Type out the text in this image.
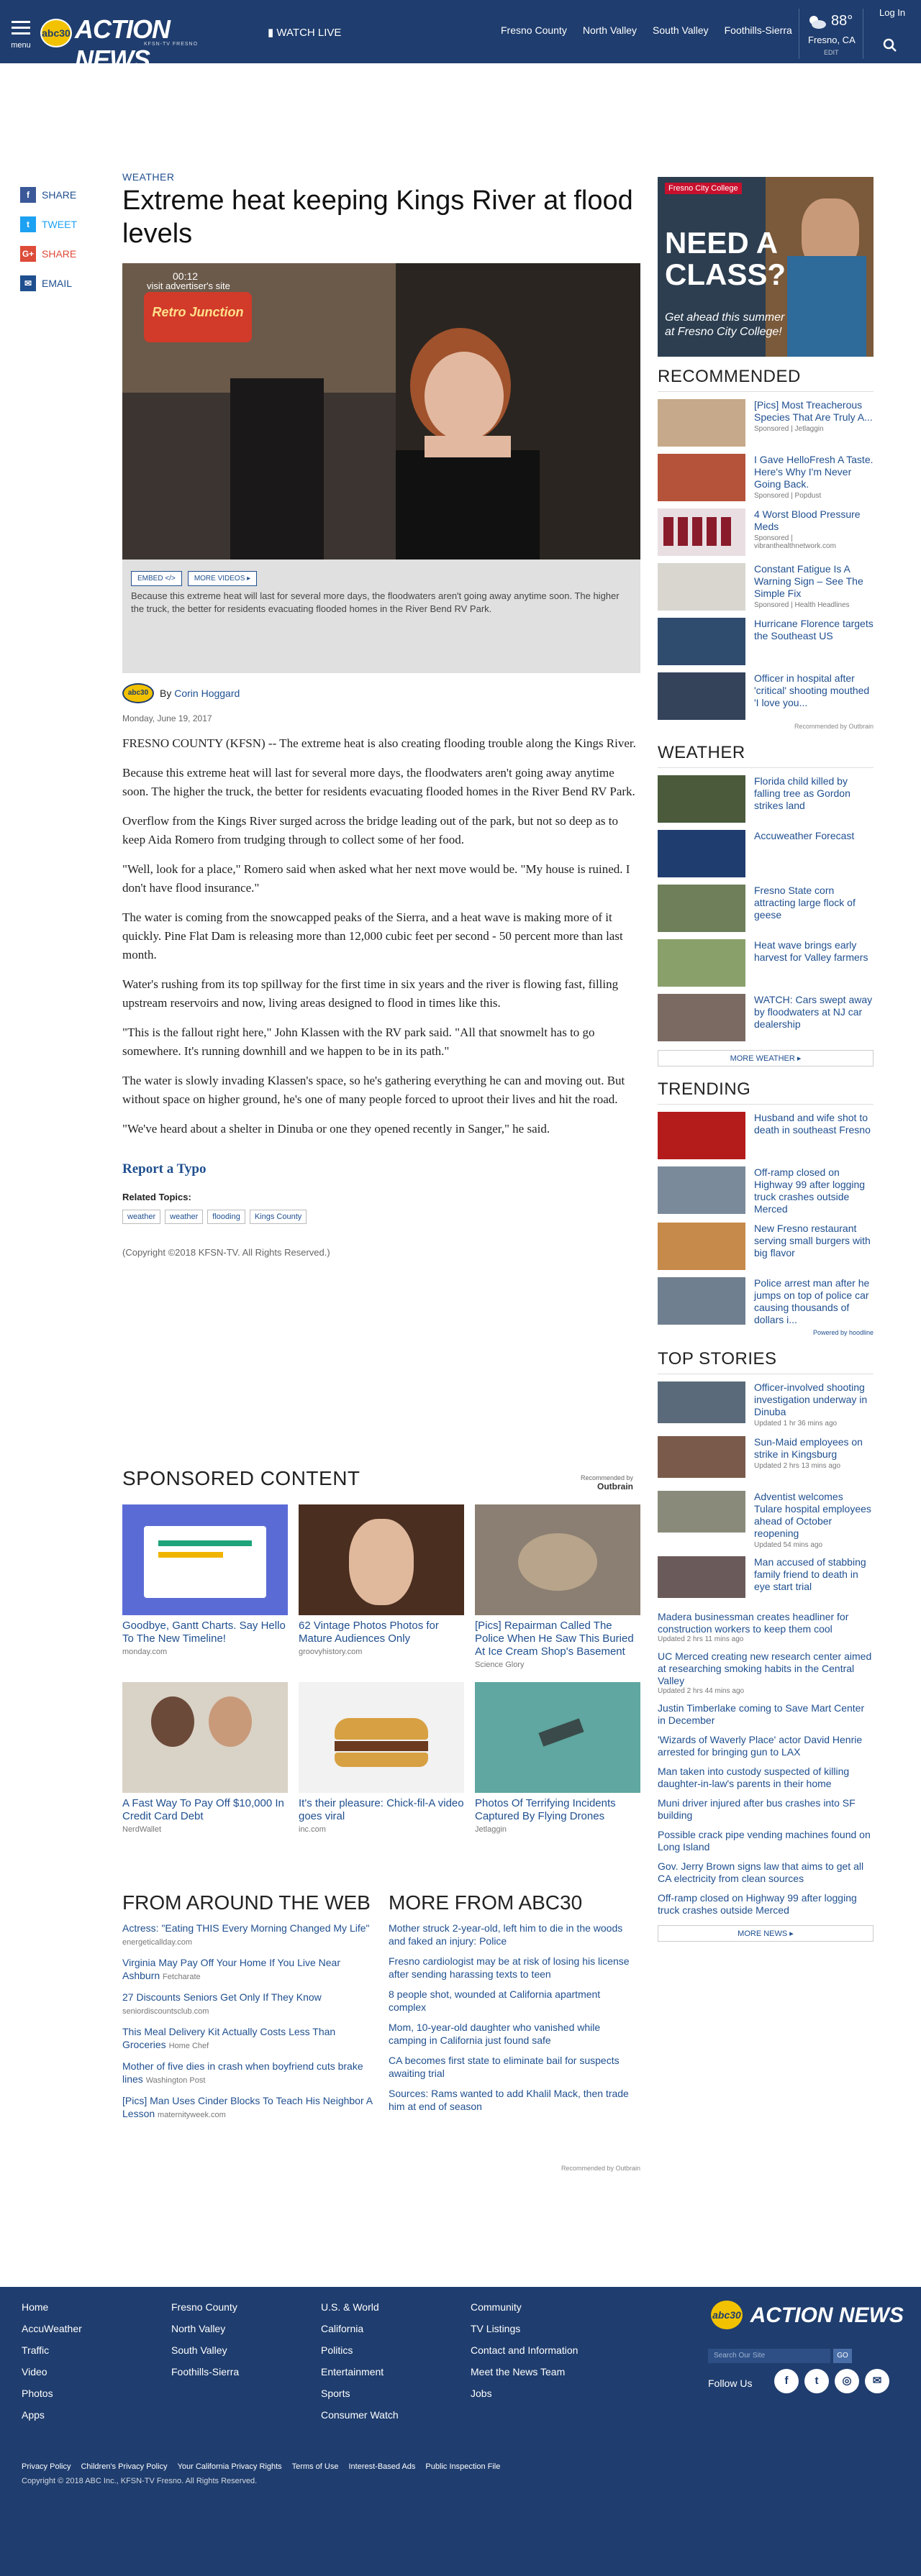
menu
abc30 ACTION NEWS
KFSN-TV FRESNO
▮ WATCH LIVE	Fresno County North Valley South Valley Foothills-Sierra
88°
Fresno, CA
EDIT
Log In
f	SHARE
t	TWEET
G+ SHARE
✉ EMAIL
WEATHER
Extreme heat keeping Kings River at flood levels
00:12
visit advertiser's site
Retro Junction
EMBED </>	MORE VIDEOS ▸
Because this extreme heat will last for several more days, the floodwaters aren't going away anytime soon. The higher the truck, the better for residents evacuating flooded homes in the River Bend RV Park.
abc30	By
Corin Hoggard
Monday, June 19, 2017

FRESNO COUNTY (KFSN) -- The extreme heat is also creating flooding trouble along the Kings River.

Because this extreme heat will last for several more days, the floodwaters aren't going away anytime soon. The higher the truck, the better for residents evacuating flooded homes in the River Bend RV Park.

Overflow from the Kings River surged across the bridge leading out of the park, but not so deep as to keep Aida Romero from trudging through to collect some of her food.

"Well, look for a place," Romero said when asked what her next move would be. "My house is ruined. I don't have flood insurance."

The water is coming from the snowcapped peaks of the Sierra, and a heat wave is making more of it quickly. Pine Flat Dam is releasing more than 12,000 cubic feet per second - 50 percent more than last month.

Water's rushing from its top spillway for the first time in six years and the river is flowing fast, filling upstream reservoirs and now, living areas designed to flood in times like this.

"This is the fallout right here," John Klassen with the RV park said. "All that snowmelt has to go somewhere. It's running downhill and we happen to be in its path."

The water is slowly invading Klassen's space, so he's gathering everything he can and moving out. But without space on higher ground, he's one of many people forced to uproot their lives and hit the road.

"We've heard about a shelter in Dinuba or one they opened recently in Sanger," he said.

Report a Typo
Related Topics:
weather	weather	flooding	Kings County
(Copyright ©2018 KFSN-TV. All Rights Reserved.)
SPONSORED CONTENT	Recommended by
Outbrain
Goodbye, Gantt Charts. Say Hello To The New Timeline!
monday.com
62 Vintage Photos Photos for Mature Audiences Only
groovyhistory.com
[Pics] Repairman Called The Police When He Saw This Buried At Ice Cream Shop's Basement
Science Glory
A Fast Way To Pay Off $10,000 In Credit Card Debt
NerdWallet
It's their pleasure: Chick-fil-A video goes viral
inc.com
Photos Of Terrifying Incidents Captured By Flying Drones
Jetlaggin
FROM AROUND THE WEB
Actress: "Eating THIS Every Morning Changed My Life" energeticallday.com
Virginia May Pay Off Your Home If You Live Near Ashburn Fetcharate
27 Discounts Seniors Get Only If They Know seniordiscountsclub.com
This Meal Delivery Kit Actually Costs Less Than Groceries Home Chef
Mother of five dies in crash when boyfriend cuts brake lines Washington Post
[Pics] Man Uses Cinder Blocks To Teach His Neighbor A Lesson maternityweek.com
MORE FROM ABC30
Mother struck 2-year-old, left him to die in the woods and faked an injury: Police
Fresno cardiologist may be at risk of losing his license after sending harassing texts to teen
8 people shot, wounded at California apartment complex
Mom, 10-year-old daughter who vanished while camping in California just found safe
CA becomes first state to eliminate bail for suspects awaiting trial
Sources: Rams wanted to add Khalil Mack, then trade him at end of season
Recommended by Outbrain
Fresno City College
NEED A
CLASS?
Get ahead this summer
at Fresno City College!
RECOMMENDED
[Pics] Most Treacherous Species That Are Truly A...
Sponsored | Jetlaggin
I Gave HelloFresh A Taste. Here's Why I'm Never Going Back.
Sponsored | Popdust
4 Worst Blood Pressure Meds
Sponsored | vibranthealthnetwork.com
Constant Fatigue Is A Warning Sign – See The Simple Fix
Sponsored | Health Headlines
Hurricane Florence targets the Southeast US
Officer in hospital after 'critical' shooting mouthed 'I love you...
Recommended by Outbrain
WEATHER
Florida child killed by falling tree as Gordon strikes land
Accuweather Forecast
Fresno State corn attracting large flock of geese
Heat wave brings early harvest for Valley farmers
WATCH: Cars swept away by floodwaters at NJ car dealership
MORE WEATHER ▸
TRENDING
Husband and wife shot to death in southeast Fresno
Off-ramp closed on Highway 99 after logging truck crashes outside Merced
New Fresno restaurant serving small burgers with big flavor
Police arrest man after he jumps on top of police car causing thousands of dollars i...
Powered by hoodline
TOP STORIES
Officer-involved shooting investigation underway in Dinuba
Updated 1 hr 36 mins ago
Sun-Maid employees on strike in Kingsburg
Updated 2 hrs 13 mins ago
Adventist welcomes Tulare hospital employees ahead of October reopening
Updated 54 mins ago
Man accused of stabbing family friend to death in eye start trial
Madera businessman creates headliner for construction workers to keep them cool
Updated 2 hrs 11 mins ago
UC Merced creating new research center aimed at researching smoking habits in the Central Valley
Updated 2 hrs 44 mins ago
Justin Timberlake coming to Save Mart Center in December
'Wizards of Waverly Place' actor David Henrie arrested for bringing gun to LAX
Man taken into custody suspected of killing daughter-in-law's parents in their home
Muni driver injured after bus crashes into SF building
Possible crack pipe vending machines found on Long Island
Gov. Jerry Brown signs law that aims to get all CA electricity from clean sources
Off-ramp closed on Highway 99 after logging truck crashes outside Merced
MORE NEWS ▸
Home
AccuWeather
Traffic
Video
Photos
Apps
Fresno County
North Valley
South Valley
Foothills-Sierra
U.S. & World
California
Politics
Entertainment
Sports
Consumer Watch
Community
TV Listings
Contact and Information
Meet the News Team
Jobs
abc30 ACTION NEWS
Search Our Site	GO
Follow Us	f	t	◎	✉
Privacy Policy Children's Privacy Policy Your California Privacy Rights Terms of Use Interest-Based Ads Public Inspection File
Copyright © 2018 ABC Inc., KFSN-TV Fresno. All Rights Reserved.
